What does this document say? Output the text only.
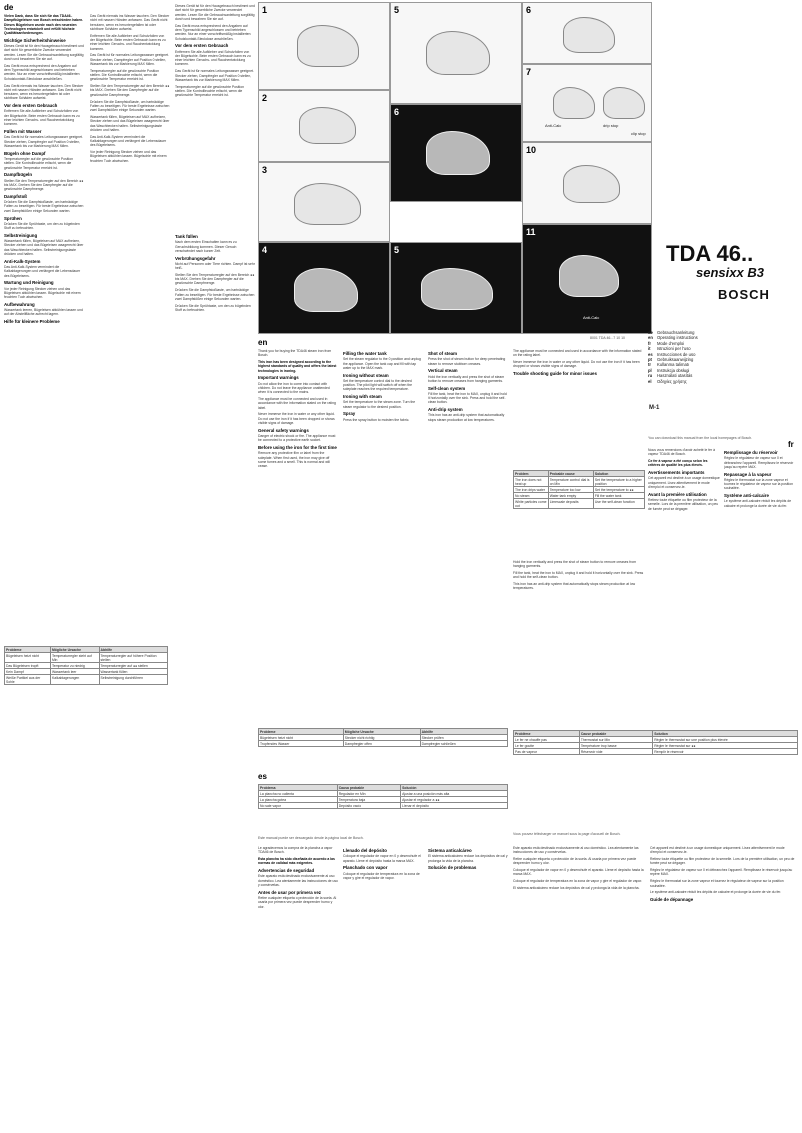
de

Vielen Dank, dass Sie sich für das TDA46.. Dampfbügeleisen von Bosch entschieden haben. Dieses Bügeleisen wurde nach den neuesten Technologien entwickelt und erfüllt höchste Qualitätsanforderungen.

Wichtige Sicherheitshinweise

Dieses Gerät ist für den Hausgebrauch bestimmt und darf nicht für gewerbliche Zwecke verwendet werden. Lesen Sie die Gebrauchsanleitung sorgfältig durch und bewahren Sie sie auf.

Das Gerät muss entsprechend den Angaben auf dem Typenschild angeschlossen und betrieben werden. Nur an einer vorschriftsmäßig installierten Schutzkontakt-Steckdose anschließen.

Das Gerät niemals ins Wasser tauchen. Den Stecker nicht mit nassen Händen anfassen. Das Gerät nicht benutzen, wenn es heruntergefallen ist oder sichtbare Schäden aufweist.

Vor dem ersten Gebrauch

Entfernen Sie alle Aufkleber und Schutzfolien von der Bügelsohle. Beim ersten Gebrauch kann es zu einer leichten Geruchs- und Rauchentwicklung kommen.

Füllen mit Wasser

Das Gerät ist für normales Leitungswasser geeignet. Stecker ziehen, Dampfregler auf Position 0 stellen, Wassertank bis zur Markierung MAX füllen.

Bügeln ohne Dampf

Temperaturregler auf die gewünschte Position stellen. Die Kontrollleuchte erlischt, wenn die gewünschte Temperatur erreicht ist.

Dampfbügeln

Stellen Sie den Temperaturregler auf den Bereich ●● bis MAX. Drehen Sie den Dampfregler auf die gewünschte Dampfmenge.

Dampfstoß

Drücken Sie die Dampfstoßtaste, um hartnäckige Falten zu beseitigen. Für beste Ergebnisse zwischen zwei Dampfstößen einige Sekunden warten.

Sprühen

Drücken Sie die Sprühtaste, um den zu bügelnden Stoff zu befeuchten.

Selbstreinigung

Wassertank füllen, Bügeleisen auf MAX aufheizen, Stecker ziehen und das Bügeleisen waagerecht über das Waschbecken halten. Selbstreinigungstaste drücken und halten.

Anti-Kalk-System

Das Anti-Kalk-System vermindert die Kalkablagerungen und verlängert die Lebensdauer des Bügeleisens.

Wartung und Reinigung

Vor jeder Reinigung Stecker ziehen und das Bügeleisen abkühlen lassen. Bügelsohle mit einem feuchten Tuch abwischen.

Aufbewahrung

Wassertank leeren, Bügeleisen abkühlen lassen und auf der Abstellfläche aufrecht lagern.

Hilfe für kleinere Probleme

Das Gerät niemals ins Wasser tauchen. Den Stecker nicht mit nassen Händen anfassen. Das Gerät nicht benutzen, wenn es heruntergefallen ist oder sichtbare Schäden aufweist.

Entfernen Sie alle Aufkleber und Schutzfolien von der Bügelsohle. Beim ersten Gebrauch kann es zu einer leichten Geruchs- und Rauchentwicklung kommen.

Das Gerät ist für normales Leitungswasser geeignet. Stecker ziehen, Dampfregler auf Position 0 stellen, Wassertank bis zur Markierung MAX füllen.

Temperaturregler auf die gewünschte Position stellen. Die Kontrollleuchte erlischt, wenn die gewünschte Temperatur erreicht ist.

Stellen Sie den Temperaturregler auf den Bereich ●● bis MAX. Drehen Sie den Dampfregler auf die gewünschte Dampfmenge.

Drücken Sie die Dampfstoßtaste, um hartnäckige Falten zu beseitigen. Für beste Ergebnisse zwischen zwei Dampfstößen einige Sekunden warten.

Wassertank füllen, Bügeleisen auf MAX aufheizen, Stecker ziehen und das Bügeleisen waagerecht über das Waschbecken halten. Selbstreinigungstaste drücken und halten.

Das Anti-Kalk-System vermindert die Kalkablagerungen und verlängert die Lebensdauer des Bügeleisens.

Vor jeder Reinigung Stecker ziehen und das Bügeleisen abkühlen lassen. Bügelsohle mit einem feuchten Tuch abwischen.

Probleme	Mögliche Ursache	Abhilfe
Bügeleisen heizt nicht	Temperaturregler steht auf Min	Temperaturregler auf höhere Position stellen
Das Bügeleisen tropft	Temperatur zu niedrig	Temperaturregler auf ●● stellen
Kein Dampf	Wassertank leer	Wassertank füllen
Weiße Partikel aus der Sohle	Kalkablagerungen	Selbstreinigung durchführen

Dieses Gerät ist für den Hausgebrauch bestimmt und darf nicht für gewerbliche Zwecke verwendet werden. Lesen Sie die Gebrauchsanleitung sorgfältig durch und bewahren Sie sie auf.

Das Gerät muss entsprechend den Angaben auf dem Typenschild angeschlossen und betrieben werden. Nur an einer vorschriftsmäßig installierten Schutzkontakt-Steckdose anschließen.

Vor dem ersten Gebrauch

Entfernen Sie alle Aufkleber und Schutzfolien von der Bügelsohle. Beim ersten Gebrauch kann es zu einer leichten Geruchs- und Rauchentwicklung kommen.

Das Gerät ist für normales Leitungswasser geeignet. Stecker ziehen, Dampfregler auf Position 0 stellen, Wassertank bis zur Markierung MAX füllen.

Temperaturregler auf die gewünschte Position stellen. Die Kontrollleuchte erlischt, wenn die gewünschte Temperatur erreicht ist.

Tank füllen

Nach dem ersten Einschalten kann es zu Geruchsbildung kommen. Dieser Geruch verschwindet nach kurzer Zeit.

Verbrühungsgefahr

Nicht auf Personen oder Tiere richten. Dampf ist sehr heiß.

Stellen Sie den Temperaturregler auf den Bereich ●● bis MAX. Drehen Sie den Dampfregler auf die gewünschte Dampfmenge.

Drücken Sie die Dampfstoßtaste, um hartnäckige Falten zu beseitigen. Für beste Ergebnisse zwischen zwei Dampfstößen einige Sekunden warten.

Drücken Sie die Sprühtaste, um den zu bügelnden Stoff zu befeuchten.

1
2
3
4
5
6
5
6
7
Anti-Calc	drip stop
clip stop
10
11
Anti-Calc
TDA 46..
sensixx B3
BOSCH
de Gebrauchsanleitung
en Operating instructions
fr Mode d'emploi
it Istruzioni per l'uso
es Instrucciones de uso
pt Gebruiksaanwijzing
tr Kullanma talimatı
pl Instrukcja obsługi
ru Használati utasítás
el Οδηγίες χρήσης
M-1
8001 TDA 46...7 10 10
en

Thank you for buying the TDA46 steam iron from Bosch.

This iron has been designed according to the highest standards of quality and offers the latest technologies in ironing.

Important warnings

Do not allow the iron to come into contact with children. Do not leave the appliance unattended when it is connected to the mains.

The appliance must be connected and used in accordance with the information stated on the rating label.

Never immerse the iron in water or any other liquid. Do not use the iron if it has been dropped or shows visible signs of damage.

General safety warnings

Danger of electric shock or fire. The appliance must be connected to a protective earth socket.

Before using the iron for the first time

Remove any protective film or label from the soleplate. When first used, the iron may give off some fumes and a smell. This is normal and will cease.

Filling the water tank

Set the steam regulator to the 0 position and unplug the appliance. Open the tank cap and fill with tap water up to the MAX mark.

Ironing without steam

Set the temperature control dial to the desired position. The pilot light will switch off when the soleplate reaches the required temperature.

Ironing with steam

Set the temperature to the steam zone. Turn the steam regulator to the desired position.

Spray

Press the spray button to moisten the fabric.

Shot of steam

Press the shot of steam button for deep penetrating steam to remove stubborn creases.

Vertical steam

Hold the iron vertically and press the shot of steam button to remove creases from hanging garments.

Self-clean system

Fill the tank, heat the iron to MAX, unplug it and hold it horizontally over the sink. Press and hold the self-clean button.

Anti-drip system

This iron has an anti-drip system that automatically stops steam production at low temperatures.

The appliance must be connected and used in accordance with the information stated on the rating label.

Never immerse the iron in water or any other liquid. Do not use the iron if it has been dropped or shows visible signs of damage.

Trouble shooting guide for minor issues
Problem	Probable cause	Solution
The iron does not heat up	Temperature control dial is on Min	Set the temperature to a higher position
The iron drips water	Temperature too low	Set the temperature to ●●
No steam	Water tank empty	Fill the water tank
White particles come out	Limescale deposits	Use the self-clean function
You can download this manual from the local homepages of Bosch.
Probleme	Mögliche Ursache	Abhilfe
Bügeleisen heizt nicht	Stecker nicht richtig	Stecker prüfen
Tropfendes Wasser	Dampfregler offen	Dampfregler schließen
es
Problema	Causa probable	Solución
La plancha no calienta	Regulador en Min	Ajustar a una posición más alta
La plancha gotea	Temperatura baja	Ajustar el regulador a ●●
No sale vapor	Depósito vacío	Llenar el depósito
Este manual puede ser descargado desde la página local de Bosch.

Le agradecemos la compra de la plancha a vapor TDA46 de Bosch.

Esta plancha ha sido diseñada de acuerdo a las normas de calidad más exigentes.

Advertencias de seguridad

Este aparato está destinado exclusivamente al uso doméstico. Lea atentamente las instrucciones de uso y consérvelas.

Antes de usar por primera vez

Retire cualquier etiqueta o protección de la suela. Al usarla por primera vez puede desprender humo y olor.

Llenado del depósito

Coloque el regulador de vapor en 0 y desenchufe el aparato. Llene el depósito hasta la marca MAX.

Planchado con vapor

Coloque el regulador de temperatura en la zona de vapor y gire el regulador de vapor.

Sistema anticalcáreo

El sistema anticalcáreo reduce los depósitos de cal y prolonga la vida de la plancha.

Solución de problemas

Hold the iron vertically and press the shot of steam button to remove creases from hanging garments.

Fill the tank, heat the iron to MAX, unplug it and hold it horizontally over the sink. Press and hold the self-clean button.

This iron has an anti-drip system that automatically stops steam production at low temperatures.

fr

Nous vous remercions d'avoir acheté le fer à vapeur TDA46 de Bosch.

Ce fer à vapeur a été conçu selon les critères de qualité les plus élevés.

Avertissements importants

Cet appareil est destiné à un usage domestique uniquement. Lisez attentivement le mode d'emploi et conservez-le.

Avant la première utilisation

Retirez toute étiquette ou film protecteur de la semelle. Lors de la première utilisation, un peu de fumée peut se dégager.

Remplissage du réservoir

Réglez le régulateur de vapeur sur 0 et débranchez l'appareil. Remplissez le réservoir jusqu'au repère MAX.

Repassage à la vapeur

Réglez le thermostat sur la zone vapeur et tournez le régulateur de vapeur sur la position souhaitée.

Système anti-calcaire

Le système anti-calcaire réduit les dépôts de calcaire et prolonge la durée de vie du fer.

Problème	Cause probable	Solution
Le fer ne chauffe pas	Thermostat sur Min	Régler le thermostat sur une position plus élevée
Le fer goutte	Température trop basse	Régler le thermostat sur ●●
Pas de vapeur	Réservoir vide	Remplir le réservoir
Vous pouvez télécharger ce manuel sous la page d'accueil de Bosch.

Este aparato está destinado exclusivamente al uso doméstico. Lea atentamente las instrucciones de uso y consérvelas.

Retire cualquier etiqueta o protección de la suela. Al usarla por primera vez puede desprender humo y olor.

Coloque el regulador de vapor en 0 y desenchufe el aparato. Llene el depósito hasta la marca MAX.

Coloque el regulador de temperatura en la zona de vapor y gire el regulador de vapor.

El sistema anticalcáreo reduce los depósitos de cal y prolonga la vida de la plancha.

Cet appareil est destiné à un usage domestique uniquement. Lisez attentivement le mode d'emploi et conservez-le.

Retirez toute étiquette ou film protecteur de la semelle. Lors de la première utilisation, un peu de fumée peut se dégager.

Réglez le régulateur de vapeur sur 0 et débranchez l'appareil. Remplissez le réservoir jusqu'au repère MAX.

Réglez le thermostat sur la zone vapeur et tournez le régulateur de vapeur sur la position souhaitée.

Le système anti-calcaire réduit les dépôts de calcaire et prolonge la durée de vie du fer.

Guide de dépannage
